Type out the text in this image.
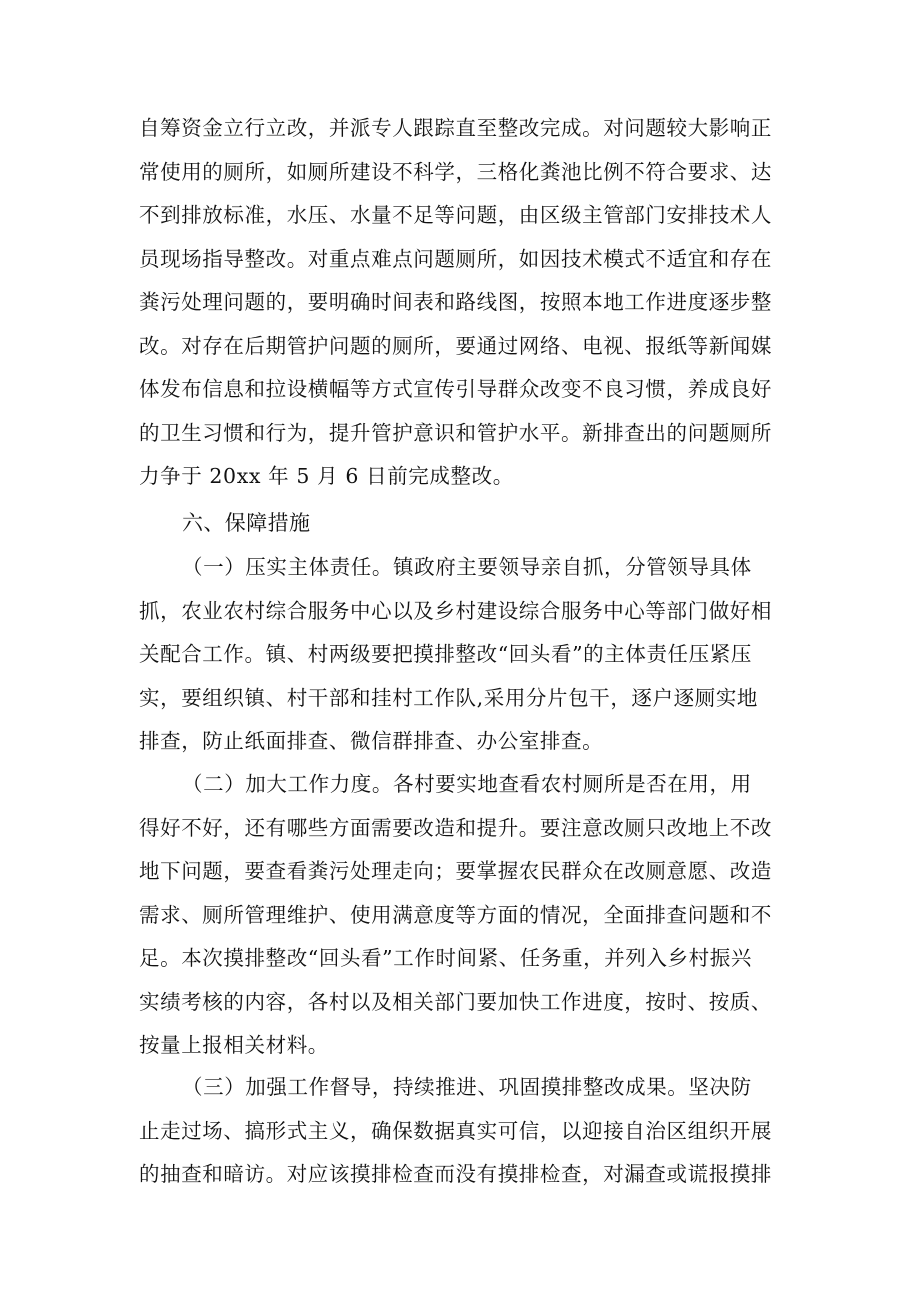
自筹资金立行立改，并派专人跟踪直至整改完成。对问题较大影响正
常使用的厕所，如厕所建设不科学，三格化粪池比例不符合要求、达
不到排放标准，水压、水量不足等问题，由区级主管部门安排技术人
员现场指导整改。对重点难点问题厕所，如因技术模式不适宜和存在
粪污处理问题的，要明确时间表和路线图，按照本地工作进度逐步整
改。对存在后期管护问题的厕所，要通过网络、电视、报纸等新闻媒
体发布信息和拉设横幅等方式宣传引导群众改变不良习惯，养成良好
的卫生习惯和行为，提升管护意识和管护水平。新排查出的问题厕所
力争于 20xx 年 5 月 6 日前完成整改。
六、保障措施
（一）压实主体责任。镇政府主要领导亲自抓，分管领导具体
抓，农业农村综合服务中心以及乡村建设综合服务中心等部门做好相
关配合工作。镇、村两级要把摸排整改“回头看”的主体责任压紧压
实，要组织镇、村干部和挂村工作队,采用分片包干，逐户逐厕实地
排查，防止纸面排查、微信群排查、办公室排查。
（二）加大工作力度。各村要实地查看农村厕所是否在用，用
得好不好，还有哪些方面需要改造和提升。要注意改厕只改地上不改
地下问题，要查看粪污处理走向；要掌握农民群众在改厕意愿、改造
需求、厕所管理维护、使用满意度等方面的情况，全面排查问题和不
足。本次摸排整改“回头看”工作时间紧、任务重，并列入乡村振兴
实绩考核的内容，各村以及相关部门要加快工作进度，按时、按质、
按量上报相关材料。
（三）加强工作督导，持续推进、巩固摸排整改成果。坚决防
止走过场、搞形式主义，确保数据真实可信，以迎接自治区组织开展
的抽查和暗访。对应该摸排检查而没有摸排检查，对漏查或谎报摸排
